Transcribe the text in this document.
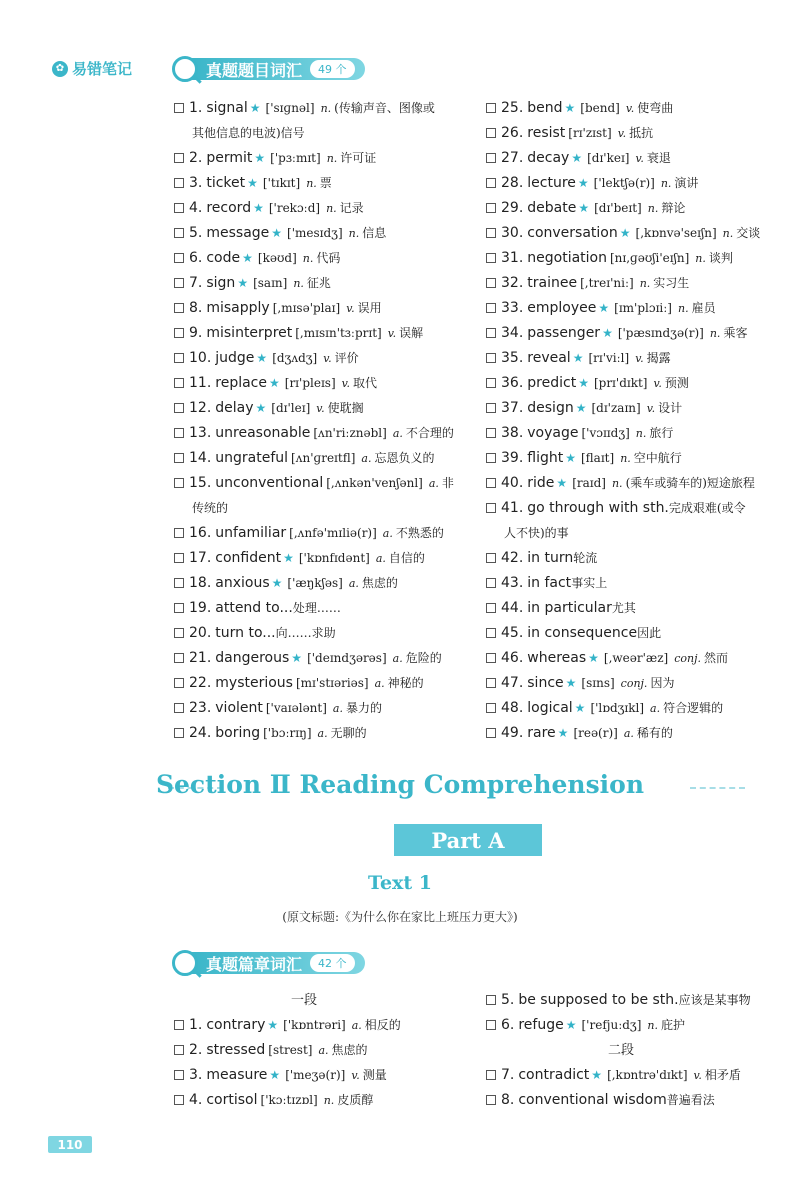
✿ 易错笔记	真题题目词汇	49 个
1. signal ★ ['sɪɡnəl] n. (传输声音、图像或
其他信息的电波)信号
2. permit ★ ['pɜːmɪt] n. 许可证
3. ticket ★ ['tɪkɪt] n. 票
4. record ★ ['rekɔːd] n. 记录
5. message ★ ['mesɪdʒ] n. 信息
6. code ★ [kəʊd] n. 代码
7. sign ★ [saɪn] n. 征兆
8. misapply [,mɪsə'plaɪ] v. 误用
9. misinterpret [,mɪsɪn'tɜːprɪt] v. 误解
10. judge ★ [dʒʌdʒ] v. 评价
11. replace ★ [rɪ'pleɪs] v. 取代
12. delay ★ [dɪ'leɪ] v. 使耽搁
13. unreasonable [ʌn'riːznəbl] a. 不合理的
14. ungrateful [ʌn'ɡreɪtfl] a. 忘恩负义的
15. unconventional [,ʌnkən'venʃənl] a. 非
传统的
16. unfamiliar [,ʌnfə'mɪliə(r)] a. 不熟悉的
17. confident ★ ['kɒnfɪdənt] a. 自信的
18. anxious ★ ['æŋkʃəs] a. 焦虑的
19. attend to... 处理……
20. turn to... 向……求助
21. dangerous ★ ['deɪndʒərəs] a. 危险的
22. mysterious [mɪ'stɪəriəs] a. 神秘的
23. violent ['vaɪələnt] a. 暴力的
24. boring ['bɔːrɪŋ] a. 无聊的
25. bend ★ [bend] v. 使弯曲
26. resist [rɪ'zɪst] v. 抵抗
27. decay ★ [dɪ'keɪ] v. 衰退
28. lecture ★ ['lektʃə(r)] n. 演讲
29. debate ★ [dɪ'beɪt] n. 辩论
30. conversation ★ [,kɒnvə'seɪʃn] n. 交谈
31. negotiation [nɪ,ɡəʊʃi'eɪʃn] n. 谈判
32. trainee [,treɪ'niː] n. 实习生
33. employee ★ [ɪm'plɔɪiː] n. 雇员
34. passenger ★ ['pæsɪndʒə(r)] n. 乘客
35. reveal ★ [rɪ'viːl] v. 揭露
36. predict ★ [prɪ'dɪkt] v. 预测
37. design ★ [dɪ'zaɪn] v. 设计
38. voyage ['vɔɪɪdʒ] n. 旅行
39. flight ★ [flaɪt] n. 空中航行
40. ride ★ [raɪd] n. (乘车或骑车的)短途旅程
41. go through with sth. 完成艰难(或令
人不快)的事
42. in turn 轮流
43. in fact 事实上
44. in particular 尤其
45. in consequence 因此
46. whereas ★ [,weər'æz] conj. 然而
47. since ★ [sɪns] conj. 因为
48. logical ★ ['lɒdʒɪkl] a. 符合逻辑的
49. rare ★ [reə(r)] a. 稀有的
Section Ⅱ Reading Comprehension
Part A
Text 1
(原文标题:《为什么你在家比上班压力更大》)
真题篇章词汇	42 个
一段
1. contrary ★ ['kɒntrəri] a. 相反的
2. stressed [strest] a. 焦虑的
3. measure ★ ['meʒə(r)] v. 测量
4. cortisol ['kɔːtɪzɒl] n. 皮质醇
5. be supposed to be sth. 应该是某事物
6. refuge ★ ['refjuːdʒ] n. 庇护
二段
7. contradict ★ [,kɒntrə'dɪkt] v. 相矛盾
8. conventional wisdom 普遍看法
110
